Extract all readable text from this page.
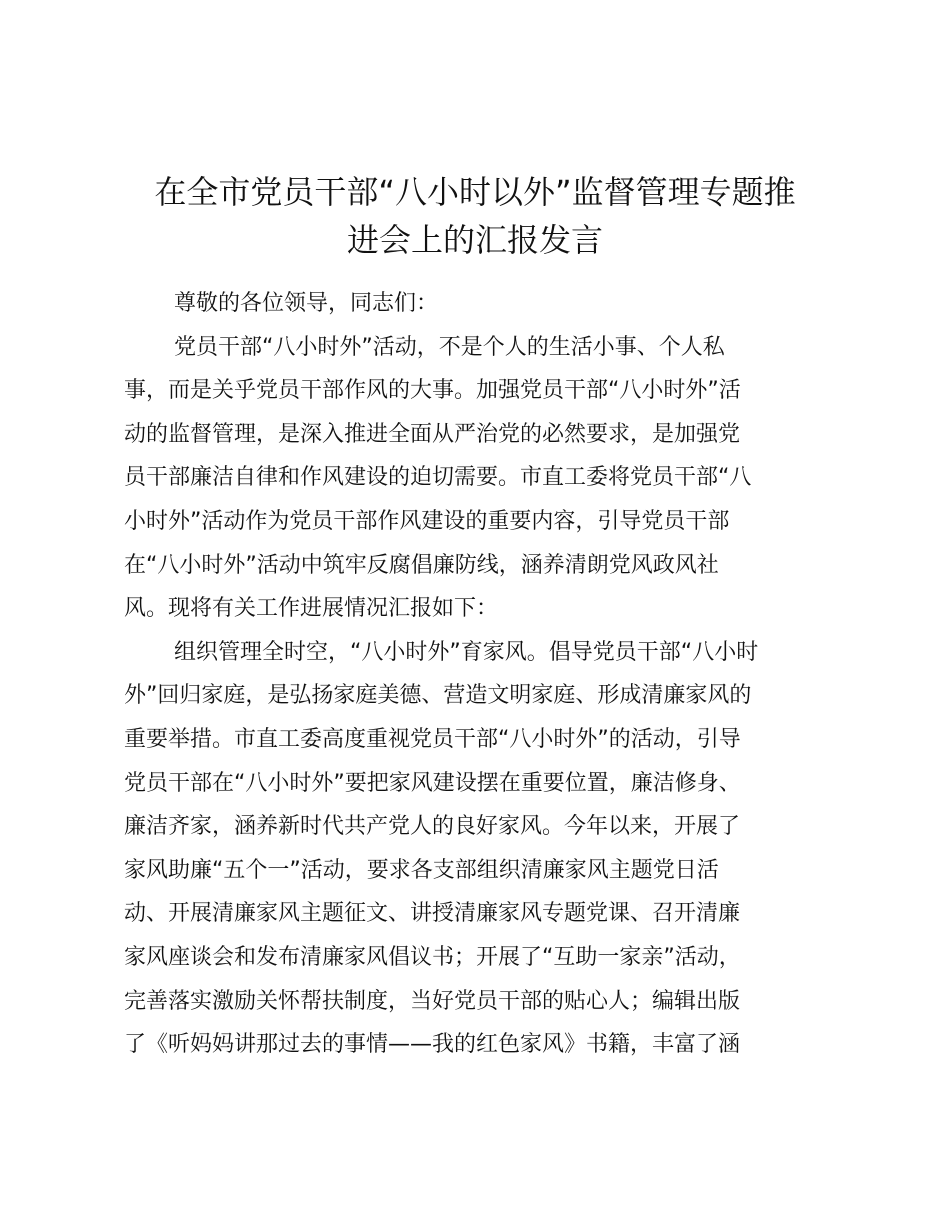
在全市党员干部“八小时以外”监督管理专题推
进会上的汇报发言
尊敬的各位领导，同志们：
党员干部“八小时外”活动，不是个人的生活小事、个人私
事，而是关乎党员干部作风的大事。加强党员干部“八小时外”活
动的监督管理，是深入推进全面从严治党的必然要求，是加强党
员干部廉洁自律和作风建设的迫切需要。市直工委将党员干部“八
小时外”活动作为党员干部作风建设的重要内容，引导党员干部
在“八小时外”活动中筑牢反腐倡廉防线，涵养清朗党风政风社
风。现将有关工作进展情况汇报如下：
组织管理全时空，“八小时外”育家风。倡导党员干部“八小时
外”回归家庭，是弘扬家庭美德、营造文明家庭、形成清廉家风的
重要举措。市直工委高度重视党员干部“八小时外”的活动，引导
党员干部在“八小时外”要把家风建设摆在重要位置，廉洁修身、
廉洁齐家，涵养新时代共产党人的良好家风。今年以来，开展了
家风助廉“五个一”活动，要求各支部组织清廉家风主题党日活
动、开展清廉家风主题征文、讲授清廉家风专题党课、召开清廉
家风座谈会和发布清廉家风倡议书；开展了“互助一家亲”活动，
完善落实激励关怀帮扶制度，当好党员干部的贴心人；编辑出版
了《听妈妈讲那过去的事情——我的红色家风》书籍，丰富了涵
